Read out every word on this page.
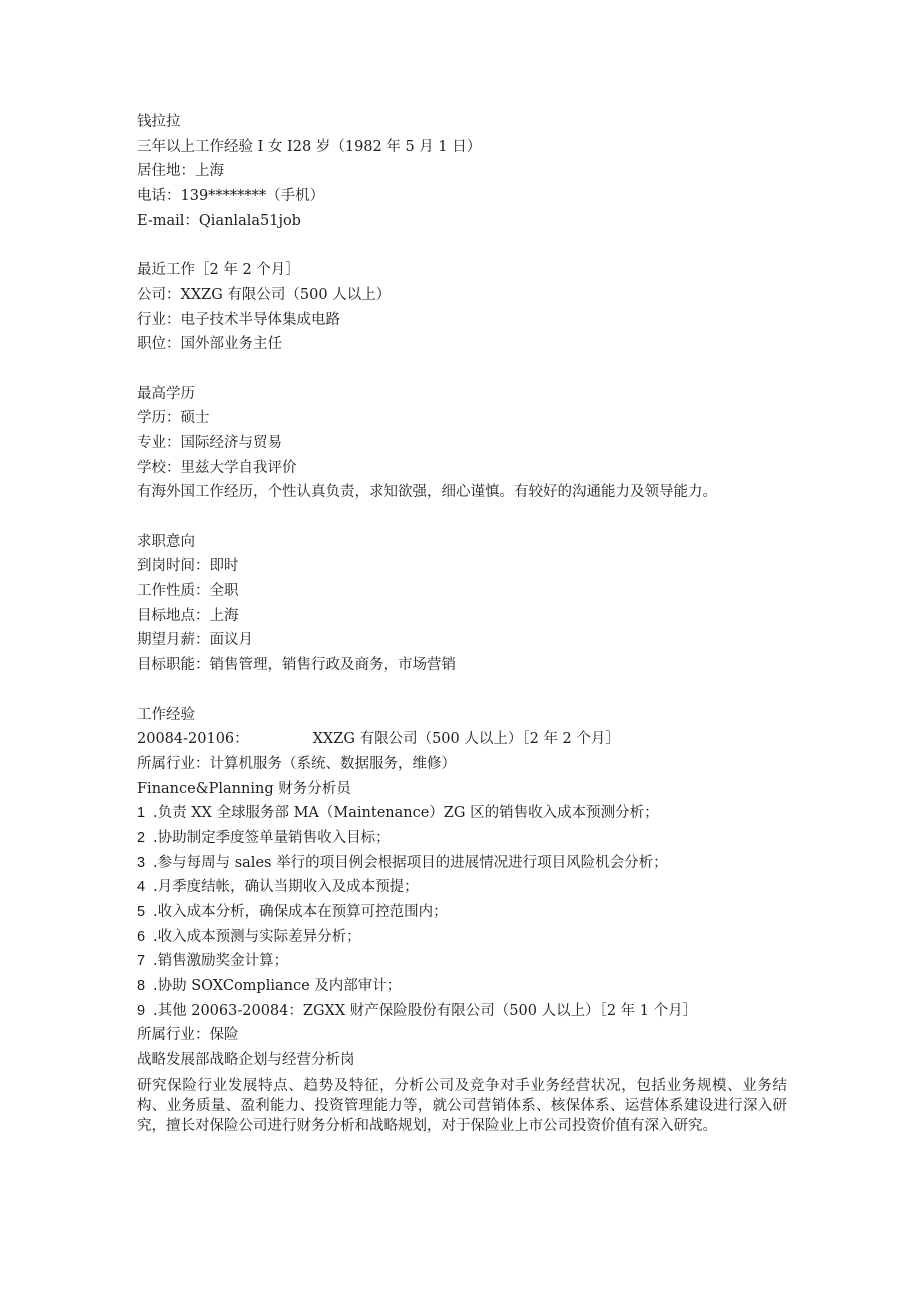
钱拉拉
三年以上工作经验 I 女 I28 岁（1982 年 5 月 1 日）
居住地：上海
电话：139********（手机）
E-mail：Qianlala51job
最近工作［2 年 2 个月］
公司：XXZG 有限公司（500 人以上）
行业：电子技术半导体集成电路
职位：国外部业务主任
最高学历
学历：硕士
专业：国际经济与贸易
学校：里兹大学自我评价
有海外国工作经历，个性认真负责，求知欲强，细心谨慎。有较好的沟通能力及领导能力。
求职意向
到岗时间：即时
工作性质：全职
目标地点：上海
期望月薪：面议月
目标职能：销售管理，销售行政及商务，市场营销
工作经验
20084-20106：	XXZG 有限公司（500 人以上）［2 年 2 个月］
所属行业：计算机服务（系统、数据服务，维修）
Finance&Planning 财务分析员
1 .负责 XX 全球服务部 MA（Maintenance）ZG 区的销售收入成本预测分析；
2 .协助制定季度签单量销售收入目标；
3 .参与每周与 sales 举行的项目例会根据项目的进展情况进行项目风险机会分析；
4 .月季度结帐，确认当期收入及成本预提；
5 .收入成本分析，确保成本在预算可控范围内；
6 .收入成本预测与实际差异分析；
7 .销售激励奖金计算；
8 .协助 SOXCompliance 及内部审计；
9 .其他 20063-20084：ZGXX 财产保险股份有限公司（500 人以上）［2 年 1 个月］
所属行业：保险
战略发展部战略企划与经营分析岗
研究保险行业发展特点、趋势及特征，分析公司及竞争对手业务经营状况，包括业务规模、业务结构、业务质量、盈利能力、投资管理能力等，就公司营销体系、核保体系、运营体系建设进行深入研究，擅长对保险公司进行财务分析和战略规划，对于保险业上市公司投资价值有深入研究。
